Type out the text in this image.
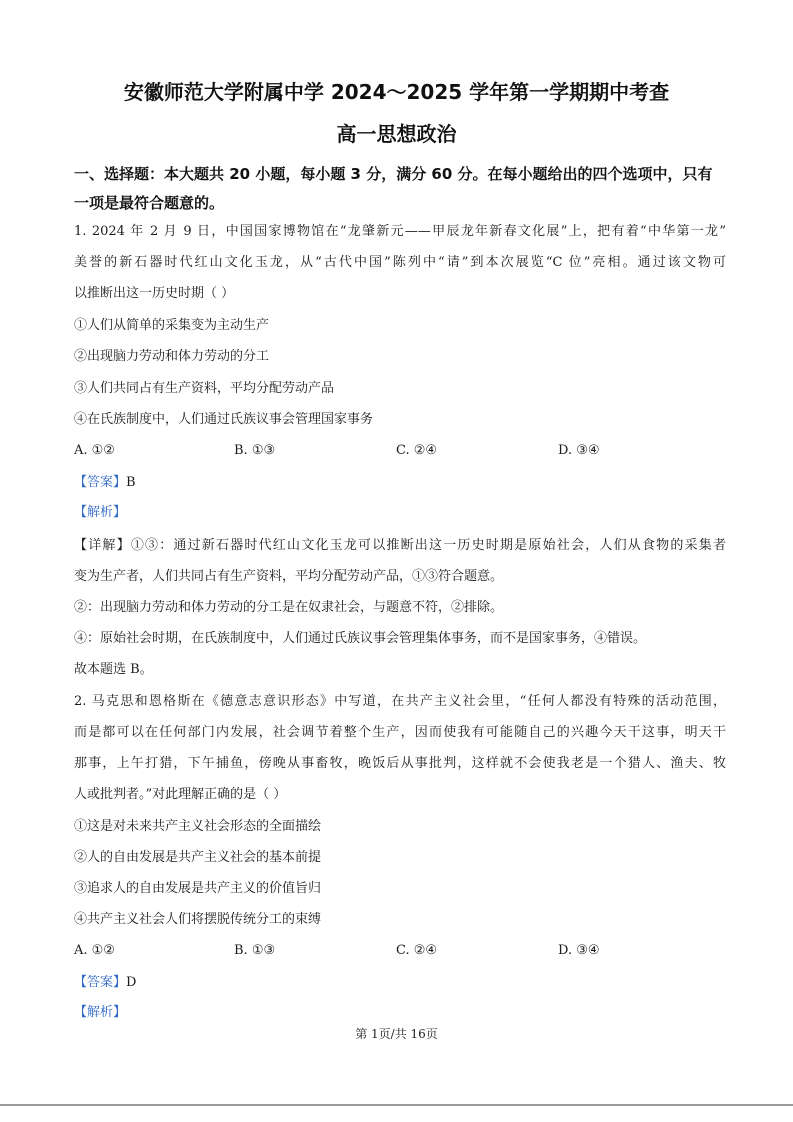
安徽师范大学附属中学 2024～2025 学年第一学期期中考查
高一思想政治
一、选择题：本大题共 20 小题，每小题 3 分，满分 60 分。在每小题给出的四个选项中，只有一项是最符合题意的。
1. 2024 年 2 月 9 日，中国国家博物馆在“龙肇新元——甲辰龙年新春文化展”上，把有着“中华第一龙”
美誉的新石器时代红山文化玉龙，从“古代中国”陈列中“请”到本次展览“C 位”亮相。通过该文物可
以推断出这一历史时期（ ）
①人们从简单的采集变为主动生产
②出现脑力劳动和体力劳动的分工
③人们共同占有生产资料，平均分配劳动产品
④在氏族制度中，人们通过氏族议事会管理国家事务
A. ①②	B. ①③	C. ②④	D. ③④
【答案】B
【解析】
【详解】①③：通过新石器时代红山文化玉龙可以推断出这一历史时期是原始社会，人们从食物的采集者
变为生产者，人们共同占有生产资料，平均分配劳动产品，①③符合题意。
②：出现脑力劳动和体力劳动的分工是在奴隶社会，与题意不符，②排除。
④：原始社会时期，在氏族制度中，人们通过氏族议事会管理集体事务，而不是国家事务，④错误。
故本题选 B。
2. 马克思和恩格斯在《德意志意识形态》中写道，在共产主义社会里，“任何人都没有特殊的活动范围，
而是都可以在任何部门内发展，社会调节着整个生产，因而使我有可能随自己的兴趣今天干这事，明天干
那事，上午打猎，下午捕鱼，傍晚从事畜牧，晚饭后从事批判，这样就不会使我老是一个猎人、渔夫、牧
人或批判者。”对此理解正确的是（ ）
①这是对未来共产主义社会形态的全面描绘
②人的自由发展是共产主义社会的基本前提
③追求人的自由发展是共产主义的价值旨归
④共产主义社会人们将摆脱传统分工的束缚
A. ①②	B. ①③	C. ②④	D. ③④
【答案】D
【解析】
第 1页/共 16页
